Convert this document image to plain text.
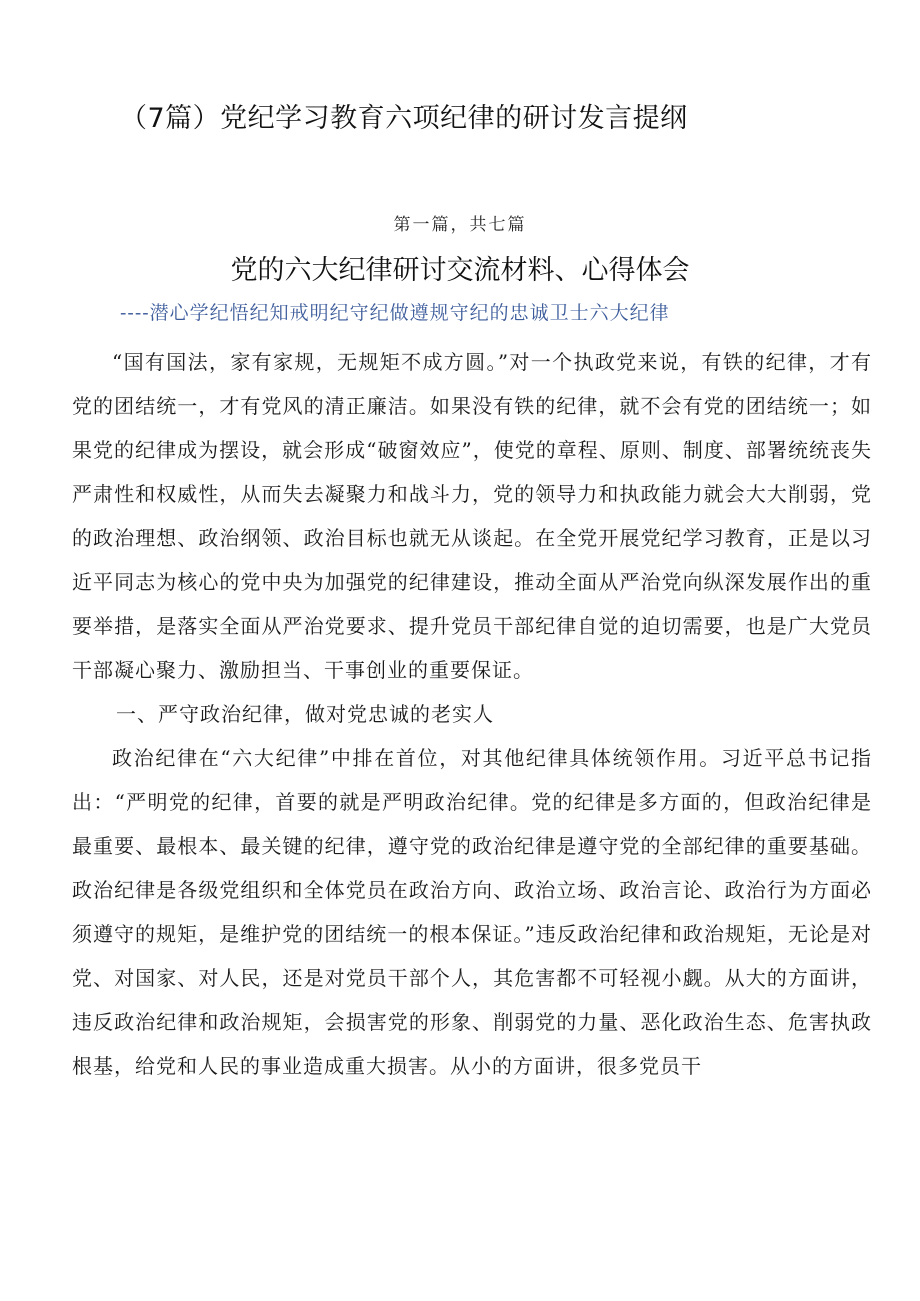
（7篇）党纪学习教育六项纪律的研讨发言提纲
第一篇，共七篇
党的六大纪律研讨交流材料、心得体会
----潜心学纪悟纪知戒明纪守纪做遵规守纪的忠诚卫士六大纪律

“国有国法，家有家规，无规矩不成方圆。”对一个执政党来说，有铁的纪律，才有党的团结统一，才有党风的清正廉洁。如果没有铁的纪律，就不会有党的团结统一；如果党的纪律成为摆设，就会形成“破窗效应”，使党的章程、原则、制度、部署统统丧失严肃性和权威性，从而失去凝聚力和战斗力，党的领导力和执政能力就会大大削弱，党的政治理想、政治纲领、政治目标也就无从谈起。在全党开展党纪学习教育，正是以习近平同志为核心的党中央为加强党的纪律建设，推动全面从严治党向纵深发展作出的重要举措，是落实全面从严治党要求、提升党员干部纪律自觉的迫切需要，也是广大党员干部凝心聚力、激励担当、干事创业的重要保证。

一、严守政治纪律，做对党忠诚的老实人

政治纪律在“六大纪律”中排在首位，对其他纪律具体统领作用。习近平总书记指出：“严明党的纪律，首要的就是严明政治纪律。党的纪律是多方面的，但政治纪律是最重要、最根本、最关键的纪律，遵守党的政治纪律是遵守党的全部纪律的重要基础。政治纪律是各级党组织和全体党员在政治方向、政治立场、政治言论、政治行为方面必须遵守的规矩，是维护党的团结统一的根本保证。”违反政治纪律和政治规矩，无论是对党、对国家、对人民，还是对党员干部个人，其危害都不可轻视小觑。从大的方面讲，违反政治纪律和政治规矩，会损害党的形象、削弱党的力量、恶化政治生态、危害执政根基，给党和人民的事业造成重大损害。从小的方面讲，很多党员干
